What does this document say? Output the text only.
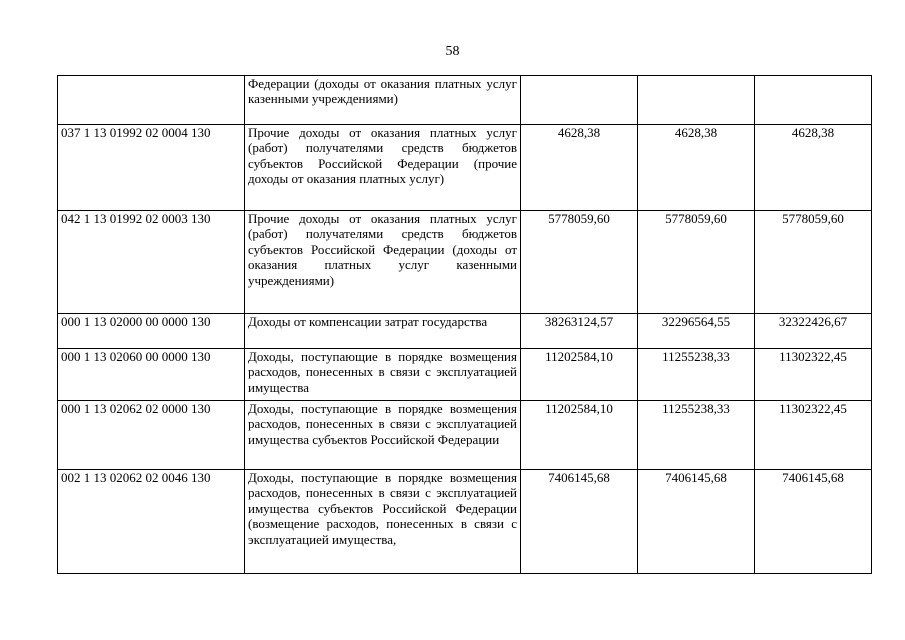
58
	Федерации (доходы от оказания платных услуг казенными учреждениями)			
037 1 13 01992 02 0004 130	Прочие доходы от оказания платных услуг (работ) получателями средств бюджетов субъектов Российской Федерации (прочие доходы от оказания платных услуг)	4628,38	4628,38	4628,38
042 1 13 01992 02 0003 130	Прочие доходы от оказания платных услуг (работ) получателями средств бюджетов субъектов Российской Федерации (доходы от оказания платных услуг казенными учреждениями)	5778059,60	5778059,60	5778059,60
000 1 13 02000 00 0000 130	Доходы от компенсации затрат государства	38263124,57	32296564,55	32322426,67
000 1 13 02060 00 0000 130	Доходы, поступающие в порядке возмещения расходов, понесенных в связи с эксплуатацией имущества	11202584,10	11255238,33	11302322,45
000 1 13 02062 02 0000 130	Доходы, поступающие в порядке возмещения расходов, понесенных в связи с эксплуатацией имущества субъектов Российской Федерации	11202584,10	11255238,33	11302322,45
002 1 13 02062 02 0046 130	Доходы, поступающие в порядке возмещения расходов, понесенных в связи с эксплуатацией имущества субъектов Российской Федерации (возмещение расходов, понесенных в связи с эксплуатацией имущества,	7406145,68	7406145,68	7406145,68
